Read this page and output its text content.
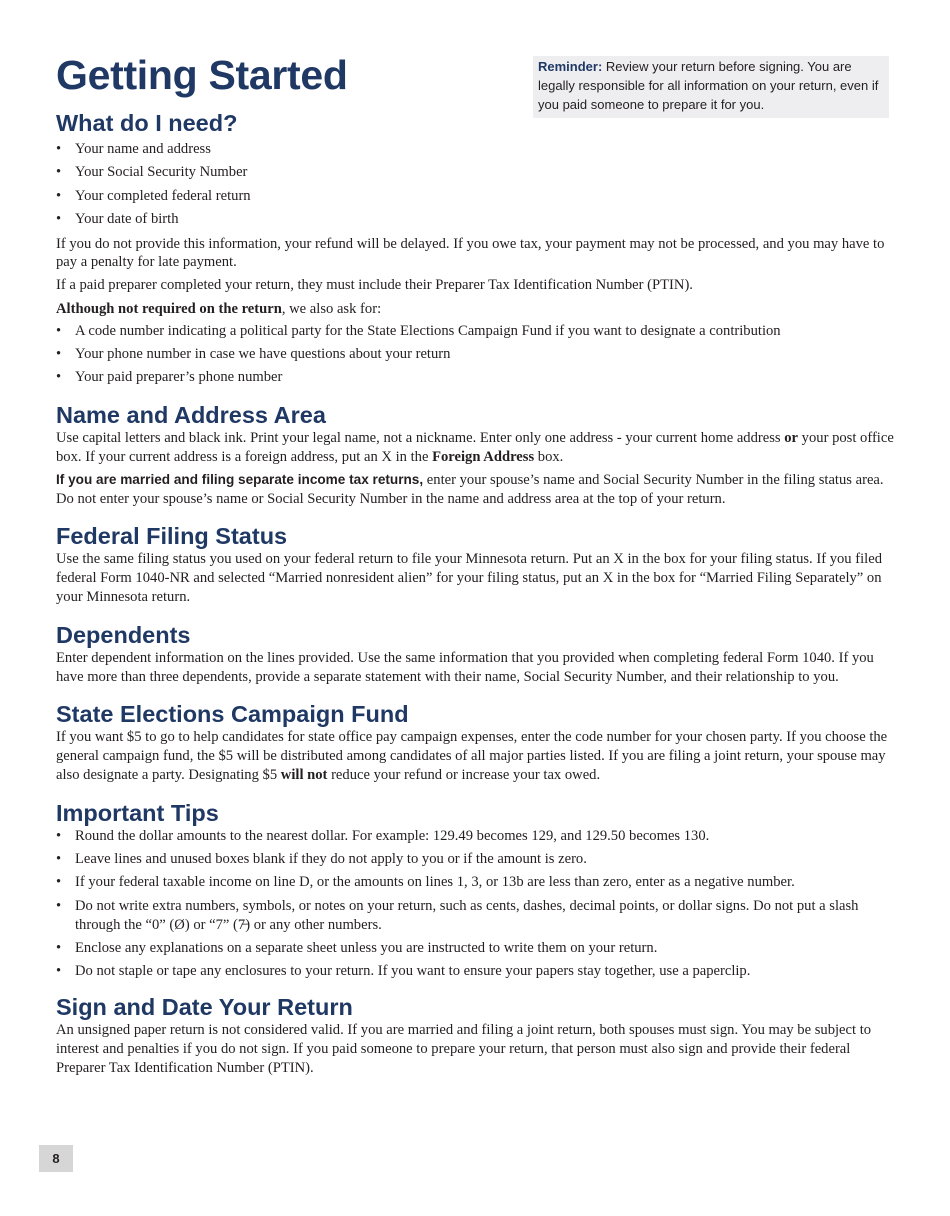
Reminder: Review your return before signing. You are legally responsible for all information on your return, even if you paid someone to prepare it for you.
Getting Started
What do I need?
• Your name and address
• Your Social Security Number
• Your completed federal return
• Your date of birth

If you do not provide this information, your refund will be delayed. If you owe tax, your payment may not be processed, and you may have to pay a penalty for late payment.

If a paid preparer completed your return, they must include their Preparer Tax Identification Number (PTIN).

Although not required on the return, we also ask for:

• A code number indicating a political party for the State Elections Campaign Fund if you want to designate a contribution
• Your phone number in case we have questions about your return
• Your paid preparer’s phone number
Name and Address Area

Use capital letters and black ink. Print your legal name, not a nickname. Enter only one address - your current home address or your post office box. If your current address is a foreign address, put an X in the Foreign Address box.

If you are married and filing separate income tax returns, enter your spouse’s name and Social Security Number in the filing status area. Do not enter your spouse’s name or Social Security Number in the name and address area at the top of your return.

Federal Filing Status

Use the same filing status you used on your federal return to file your Minnesota return. Put an X in the box for your filing status. If you filed federal Form 1040-NR and selected “Married nonresident alien” for your filing status, put an X in the box for “Married Filing Separately” on your Minnesota return.

Dependents

Enter dependent information on the lines provided. Use the same information that you provided when completing federal Form 1040. If you have more than three dependents, provide a separate statement with their name, Social Security Number, and their relationship to you.

State Elections Campaign Fund

If you want $5 to go to help candidates for state office pay campaign expenses, enter the code number for your chosen party. If you choose the general campaign fund, the $5 will be distributed among candidates of all major parties listed. If you are filing a joint return, your spouse may also designate a party. Designating $5 will not reduce your refund or increase your tax owed.

Important Tips
• Round the dollar amounts to the nearest dollar. For example: 129.49 becomes 129, and 129.50 becomes 130.
• Leave lines and unused boxes blank if they do not apply to you or if the amount is zero.
• If your federal taxable income on line D, or the amounts on lines 1, 3, or 13b are less than zero, enter as a negative number.
• Do not write extra numbers, symbols, or notes on your return, such as cents, dashes, decimal points, or dollar signs. Do not put a slash through the “0” (Ø) or “7” (7̶) or any other numbers.
• Enclose any explanations on a separate sheet unless you are instructed to write them on your return.
• Do not staple or tape any enclosures to your return. If you want to ensure your papers stay together, use a paperclip.
Sign and Date Your Return

An unsigned paper return is not considered valid. If you are married and filing a joint return, both spouses must sign. You may be subject to interest and penalties if you do not sign. If you paid someone to prepare your return, that person must also sign and provide their federal Preparer Tax Identification Number (PTIN).

8
